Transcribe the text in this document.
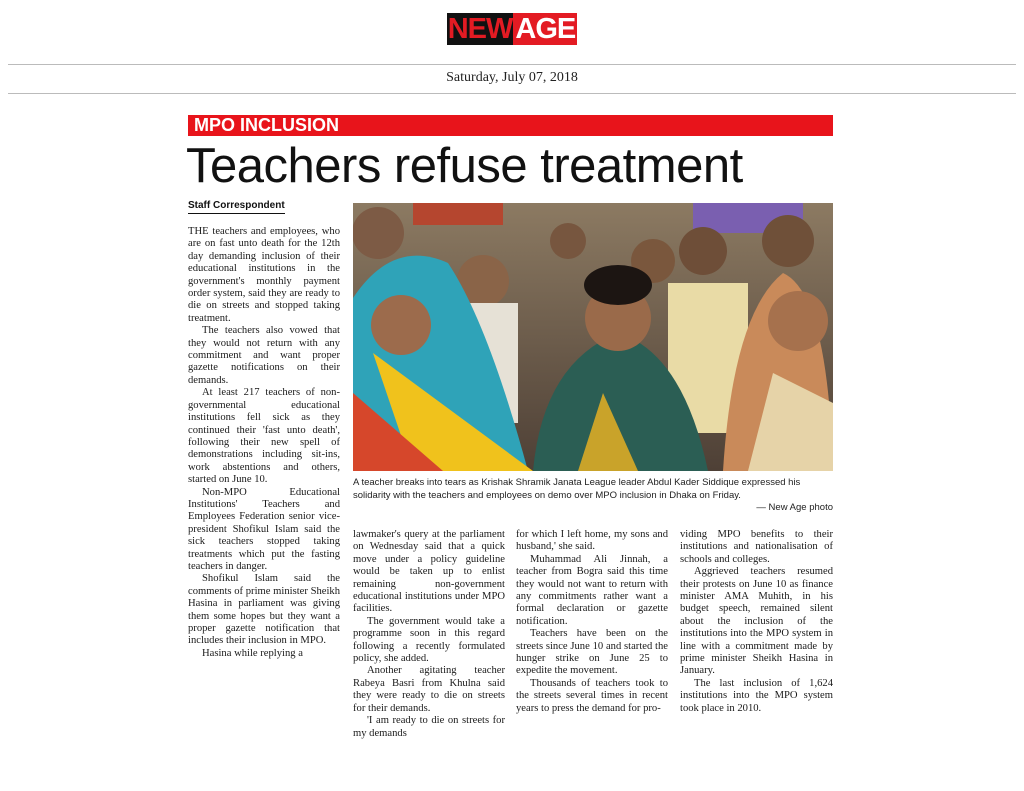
NEW AGE
Saturday, July 07, 2018
MPO INCLUSION
Teachers refuse treatment
Staff Correspondent
A teacher breaks into tears as Krishak Shramik Janata League leader Abdul Kader Siddique expressed his solidarity with the teachers and employees on demo over MPO inclusion in Dhaka on Friday.
— New Age photo

THE teachers and employees, who are on fast unto death for the 12th day demanding inclusion of their educational institutions in the government's monthly payment order system, said they are ready to die on streets and stopped taking treatment.

The teachers also vowed that they would not return with any commitment and want proper gazette notifications on their demands.

At least 217 teachers of non-governmental educational institutions fell sick as they continued their 'fast unto death', following their new spell of demonstrations including sit-ins, work abstentions and others, started on June 10.

Non-MPO Educational Institutions' Teachers and Employees Federation senior vice-president Shofikul Islam said the sick teachers stopped taking treatments which put the fasting teachers in danger.

Shofikul Islam said the comments of prime minister Sheikh Hasina in parliament was giving them some hopes but they want a proper gazette notification that includes their inclusion in MPO.

Hasina while replying a

lawmaker's query at the parliament on Wednesday said that a quick move under a policy guideline would be taken up to enlist remaining non-government educational institutions under MPO facilities.

The government would take a programme soon in this regard following a recently formulated policy, she added.

Another agitating teacher Rabeya Basri from Khulna said they were ready to die on streets for their demands.

'I am ready to die on streets for my demands

for which I left home, my sons and husband,' she said.

Muhammad Ali Jinnah, a teacher from Bogra said this time they would not want to return with any commitments rather want a formal declaration or gazette notification.

Teachers have been on the streets since June 10 and started the hunger strike on June 25 to expedite the movement.

Thousands of teachers took to the streets several times in recent years to press the demand for pro-

viding MPO benefits to their institutions and nationalisation of schools and colleges.

Aggrieved teachers resumed their protests on June 10 as finance minister AMA Muhith, in his budget speech, remained silent about the inclusion of the institutions into the MPO system in line with a commitment made by prime minister Sheikh Hasina in January.

The last inclusion of 1,624 institutions into the MPO system took place in 2010.
